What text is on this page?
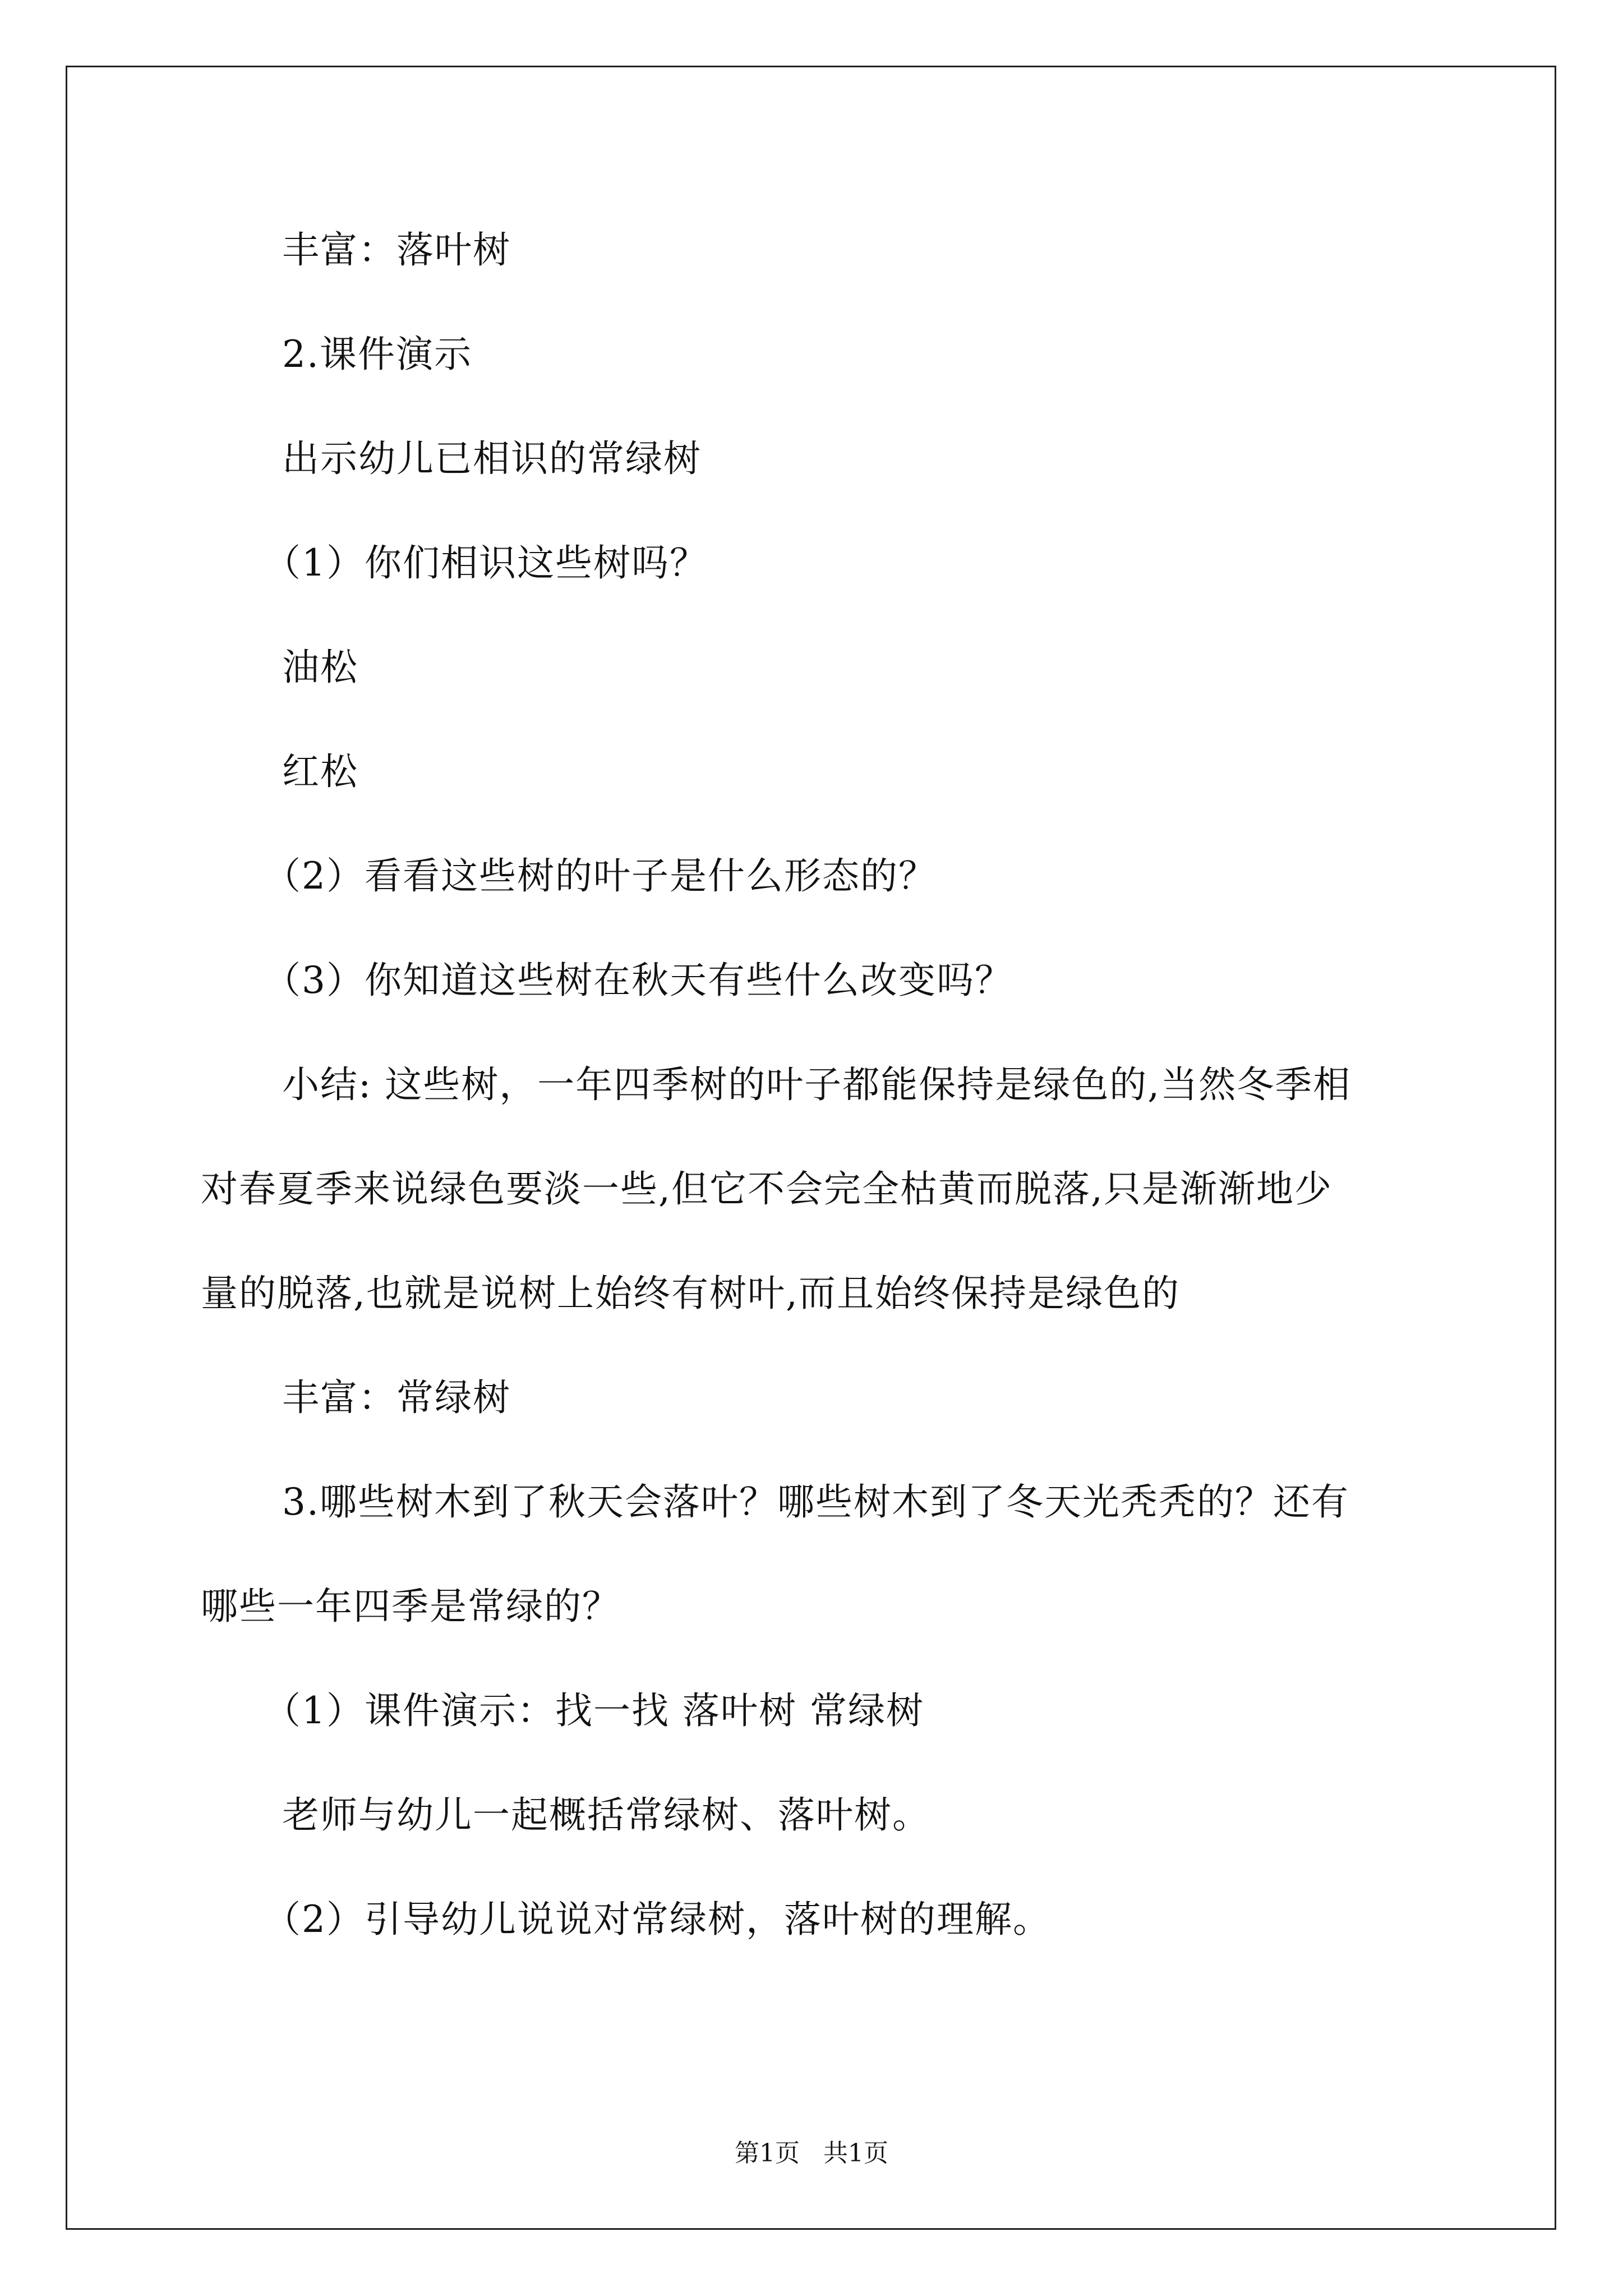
丰富：落叶树

2.课件演示

出示幼儿已相识的常绿树

（1）你们相识这些树吗？

油松

红松

（2）看看这些树的叶子是什么形态的？

（3）你知道这些树在秋天有些什么改变吗？

小结: 这些树，一年四季树的叶子都能保持是绿色的,当然冬季相

对春夏季来说绿色要淡一些,但它不会完全枯黄而脱落,只是渐渐地少

量的脱落,也就是说树上始终有树叶,而且始终保持是绿色的

丰富：常绿树

3.哪些树木到了秋天会落叶？哪些树木到了冬天光秃秃的？还有

哪些一年四季是常绿的？

（1）课件演示：找一找 落叶树 常绿树

老师与幼儿一起概括常绿树、落叶树。

（2）引导幼儿说说对常绿树，落叶树的理解。

第1页   共1页
